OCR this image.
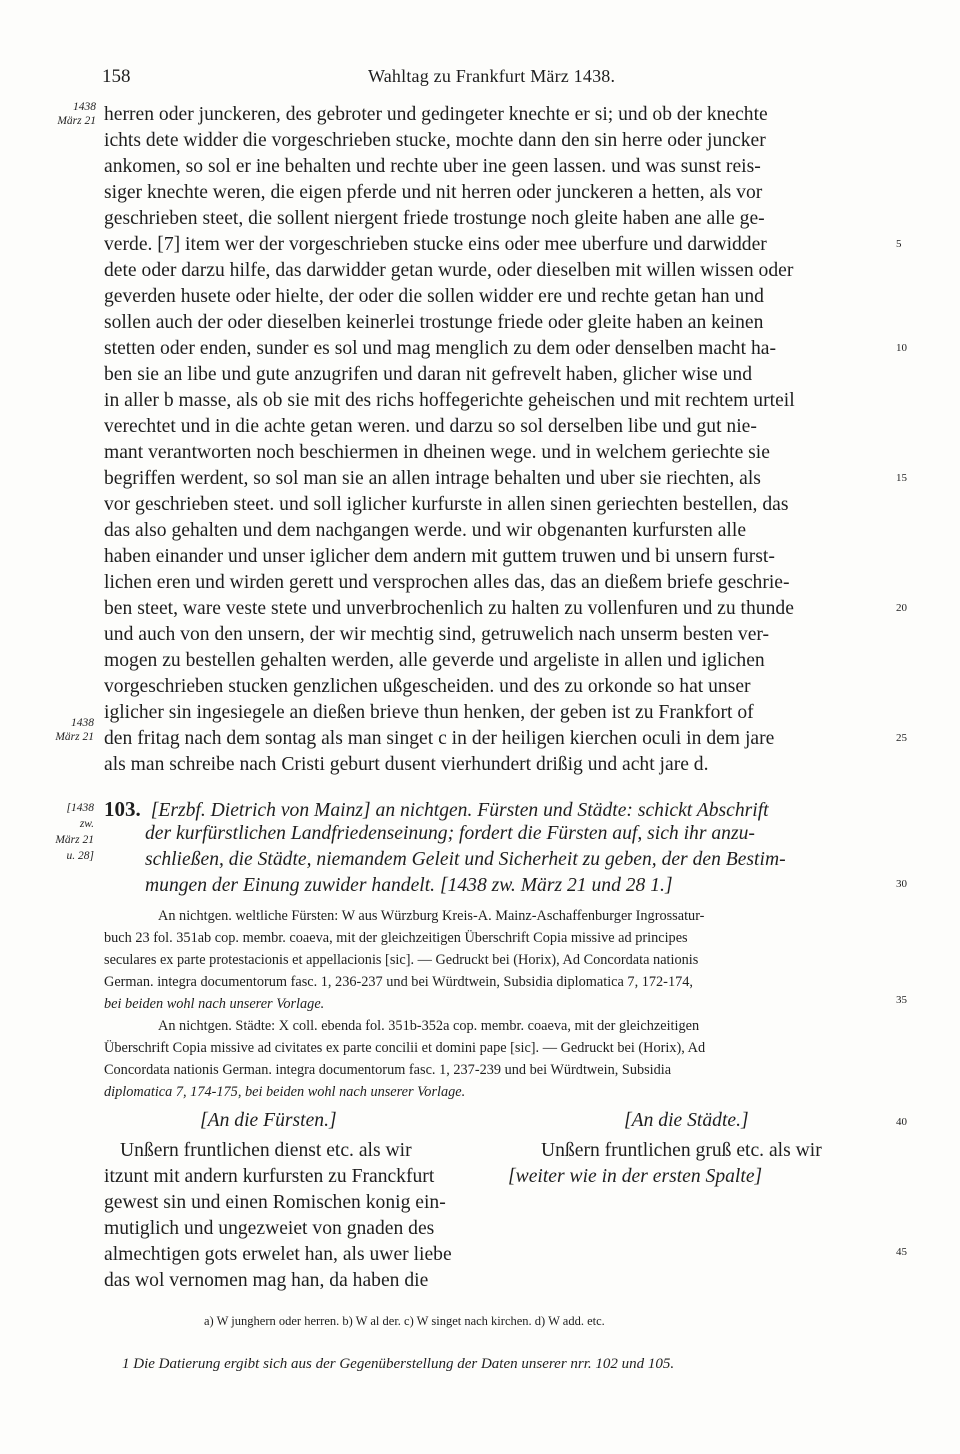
158	Wahltag zu Frankfurt März 1438.
1438
März 21
1438
März 21
[1438
zw.
März 21
u. 28]
herren oder junckeren, des gebroter und gedingeter knechte er si; und ob der knechte
ichts dete widder die vorgeschrieben stucke, mochte dann den sin herre oder juncker
ankomen, so sol er ine behalten und rechte uber ine geen lassen. und was sunst reis-
siger knechte weren, die eigen pferde und nit herren oder junckeren a hetten, als vor
geschrieben steet, die sollent niergent friede trostunge noch gleite haben ane alle ge-
verde. [7] item wer der vorgeschrieben stucke eins oder mee uberfure und darwidder
dete oder darzu hilfe, das darwidder getan wurde, oder dieselben mit willen wissen oder
geverden husete oder hielte, der oder die sollen widder ere und rechte getan han und
sollen auch der oder dieselben keinerlei trostunge friede oder gleite haben an keinen
stetten oder enden, sunder es sol und mag menglich zu dem oder denselben macht ha-
ben sie an libe und gute anzugrifen und daran nit gefrevelt haben, glicher wise und
in aller b masse, als ob sie mit des richs hoffegerichte geheischen und mit rechtem urteil
verechtet und in die achte getan weren. und darzu so sol derselben libe und gut nie-
mant verantworten noch beschiermen in dheinen wege. und in welchem geriechte sie
begriffen werdent, so sol man sie an allen intrage behalten und uber sie riechten, als
vor geschrieben steet. und soll iglicher kurfurste in allen sinen geriechten bestellen, das
das also gehalten und dem nachgangen werde. und wir obgenanten kurfursten alle
haben einander und unser iglicher dem andern mit guttem truwen und bi unsern furst-
lichen eren und wirden gerett und versprochen alles das, das an dießem briefe geschrie-
ben steet, ware veste stete und unverbrochenlich zu halten zu vollenfuren und zu thunde
und auch von den unsern, der wir mechtig sind, getruwelich nach unserm besten ver-
mogen zu bestellen gehalten werden, alle geverde und argeliste in allen und iglichen
vorgeschrieben stucken genzlichen ußgescheiden. und des zu orkonde so hat unser
iglicher sin ingesiegele an dießen brieve thun henken, der geben ist zu Frankfort of
den fritag nach dem sontag als man singet c in der heiligen kierchen oculi in dem jare
als man schreibe nach Cristi geburt dusent vierhundert drißig und acht jare d.
5
10
15
20
25
30
35
40
45
103. [Erzbf. Dietrich von Mainz] an nichtgen. Fürsten und Städte: schickt Abschrift
der kurfürstlichen Landfriedenseinung; fordert die Fürsten auf, sich ihr anzu-
schließen, die Städte, niemandem Geleit und Sicherheit zu geben, der den Bestim-
mungen der Einung zuwider handelt. [1438 zw. März 21 und 28 1.]
An nichtgen. weltliche Fürsten: W aus Würzburg Kreis-A. Mainz-Aschaffenburger Ingrossatur-
buch 23 fol. 351ab cop. membr. coaeva, mit der gleichzeitigen Überschrift Copia missive ad principes
seculares ex parte protestacionis et appellacionis [sic]. — Gedruckt bei (Horix), Ad Concordata nationis
German. integra documentorum fasc. 1, 236-237 und bei Würdtwein, Subsidia diplomatica 7, 172-174,
bei beiden wohl nach unserer Vorlage.
An nichtgen. Städte: X coll. ebenda fol. 351b-352a cop. membr. coaeva, mit der gleichzeitigen
Überschrift Copia missive ad civitates ex parte concilii et domini pape [sic]. — Gedruckt bei (Horix), Ad
Concordata nationis German. integra documentorum fasc. 1, 237-239 und bei Würdtwein, Subsidia
diplomatica 7, 174-175, bei beiden wohl nach unserer Vorlage.
[An die Fürsten.]
Unßern fruntlichen dienst etc. als wir
itzunt mit andern kurfursten zu Franckfurt
gewest sin und einen Romischen konig ein-
mutiglich und ungezweiet von gnaden des
almechtigen gots erwelet han, als uwer liebe
das wol vernomen mag han, da haben die
[An die Städte.]
Unßern fruntlichen gruß etc. als wir
[weiter wie in der ersten Spalte]
a) W junghern oder herren. b) W al der. c) W singet nach kirchen. d) W add. etc.
1 Die Datierung ergibt sich aus der Gegenüberstellung der Daten unserer nrr. 102 und 105.
